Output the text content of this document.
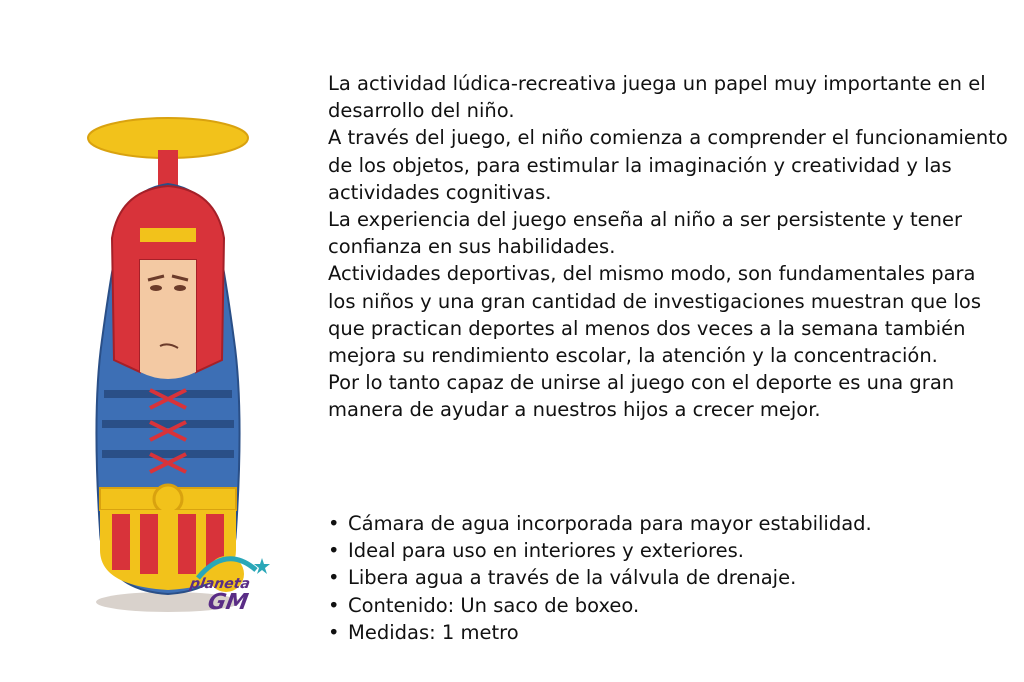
planeta
GM

La actividad lúdica-recreativa juega un papel muy importante en el desarrollo del niño.

A través del juego, el niño comienza a comprender el funcionamiento de los objetos, para estimular la imaginación y creatividad y las actividades cognitivas.

La experiencia del juego enseña al niño a ser persistente y tener confianza en sus habilidades.

Actividades deportivas, del mismo modo, son fundamentales para los niños y una gran cantidad de investigaciones muestran que los que practican deportes al menos dos veces a la semana también mejora su rendimiento escolar, la atención y la concentración.

Por lo tanto capaz de unirse al juego con el deporte es una gran manera de ayudar a nuestros hijos a crecer mejor.

• Cámara de agua incorporada para mayor estabilidad.
• Ideal para uso en interiores y exteriores.
• Libera agua a través de la válvula de drenaje.
• Contenido: Un saco de boxeo.
• Medidas: 1 metro
